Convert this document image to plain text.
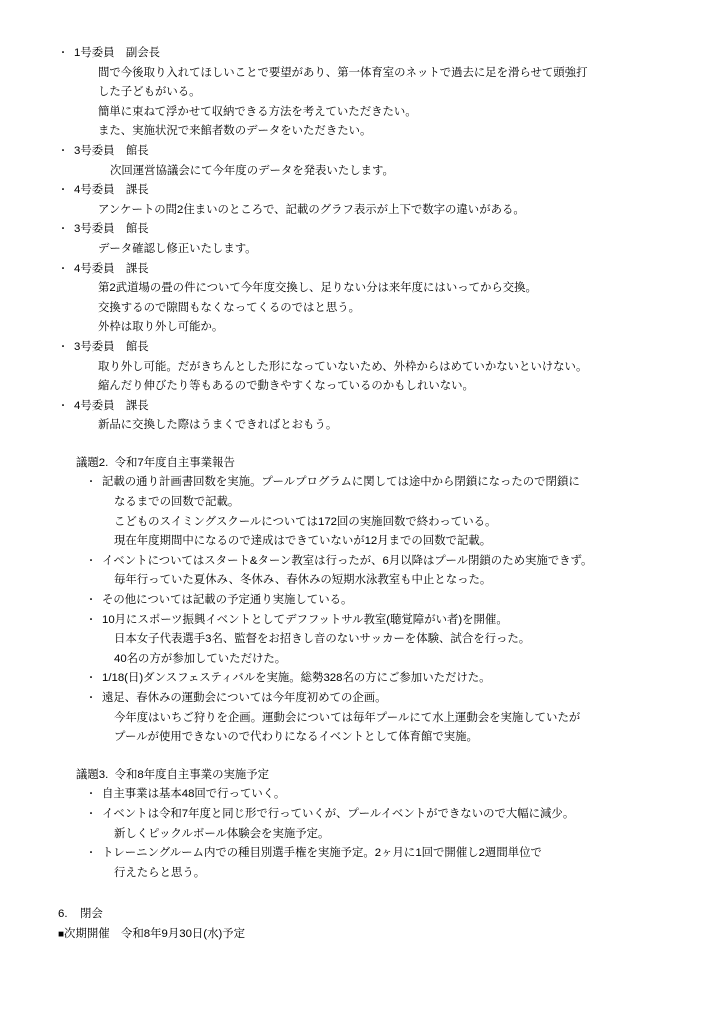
・ 1号委員　副会長
間で今後取り入れてほしいことで要望があり、第一体育室のネットで過去に足を滑らせて頭強打
した子どもがいる。
簡単に束ねて浮かせて収納できる方法を考えていただきたい。
また、実施状況で来館者数のデータをいただきたい。
・ 3号委員　館長
次回運営協議会にて今年度のデータを発表いたします。
・ 4号委員　課長
アンケートの問2住まいのところで、記載のグラフ表示が上下で数字の違いがある。
・ 3号委員　館長
データ確認し修正いたします。
・ 4号委員　課長
第2武道場の畳の件について今年度交換し、足りない分は来年度にはいってから交換。
交換するので隙間もなくなってくるのではと思う。
外枠は取り外し可能か。
・ 3号委員　館長
取り外し可能。だがきちんとした形になっていないため、外枠からはめていかないといけない。
縮んだり伸びたり等もあるので動きやすくなっているのかもしれいない。
・ 4号委員　課長
新品に交換した際はうまくできればとおもう。
議題2.  令和7年度自主事業報告
・ 記載の通り計画書回数を実施。プールプログラムに関しては途中から閉鎖になったので閉鎖に
なるまでの回数で記載。
こどものスイミングスクールについては172回の実施回数で終わっている。
現在年度期間中になるので達成はできていないが12月までの回数で記載。
・ イベントについてはスタート&ターン教室は行ったが、6月以降はプール閉鎖のため実施できず。
毎年行っていた夏休み、冬休み、春休みの短期水泳教室も中止となった。
・ その他については記載の予定通り実施している。
・ 10月にスポーツ振興イベントとしてデフフットサル教室(聴覚障がい者)を開催。
日本女子代表選手3名、監督をお招きし音のないサッカーを体験、試合を行った。
40名の方が参加していただけた。
・ 1/18(日)ダンスフェスティバルを実施。総勢328名の方にご参加いただけた。
・ 遠足、春休みの運動会については今年度初めての企画。
今年度はいちご狩りを企画。運動会については毎年プールにて水上運動会を実施していたが
プールが使用できないので代わりになるイベントとして体育館で実施。
議題3.  令和8年度自主事業の実施予定
・ 自主事業は基本48回で行っていく。
・ イベントは令和7年度と同じ形で行っていくが、プールイベントができないので大幅に減少。
新しくピックルボール体験会を実施予定。
・ トレーニングルーム内での種目別選手権を実施予定。2ヶ月に1回で開催し2週間単位で
行えたらと思う。
6.	閉会
■ 次期開催　令和8年9月30日(水)予定
